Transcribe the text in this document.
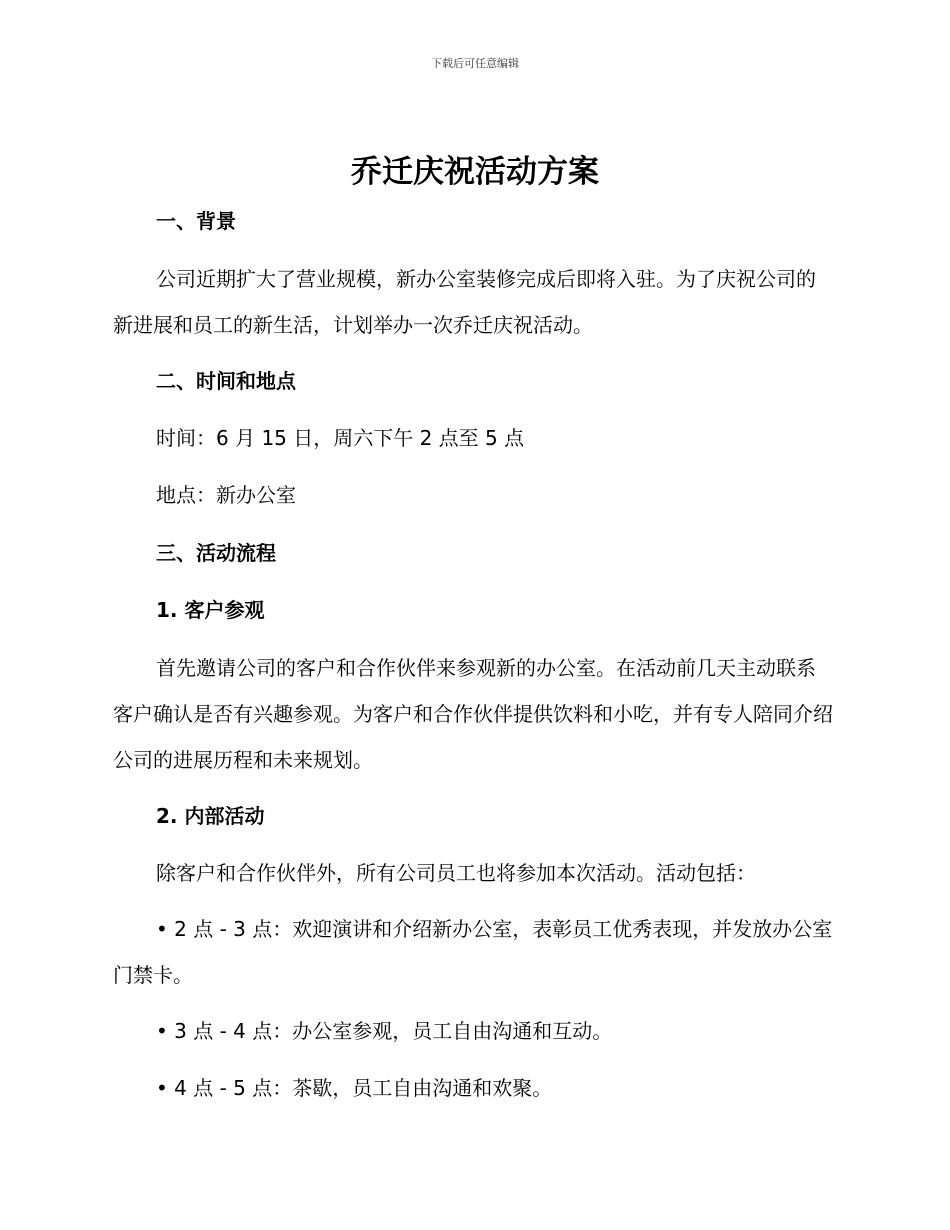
下载后可任意编辑
乔迁庆祝活动方案
一、背景

公司近期扩大了营业规模，新办公室装修完成后即将入驻。为了庆祝公司的新进展和员工的新生活，计划举办一次乔迁庆祝活动。

二、时间和地点

时间：6 月 15 日，周六下午 2 点至 5 点

地点：新办公室

三、活动流程
1. 客户参观

首先邀请公司的客户和合作伙伴来参观新的办公室。在活动前几天主动联系客户确认是否有兴趣参观。为客户和合作伙伴提供饮料和小吃，并有专人陪同介绍公司的进展历程和未来规划。

2. 内部活动

除客户和合作伙伴外，所有公司员工也将参加本次活动。活动包括：

• 2 点 - 3 点：欢迎演讲和介绍新办公室，表彰员工优秀表现，并发放办公室门禁卡。

• 3 点 - 4 点：办公室参观，员工自由沟通和互动。

• 4 点 - 5 点：茶歇，员工自由沟通和欢聚。
